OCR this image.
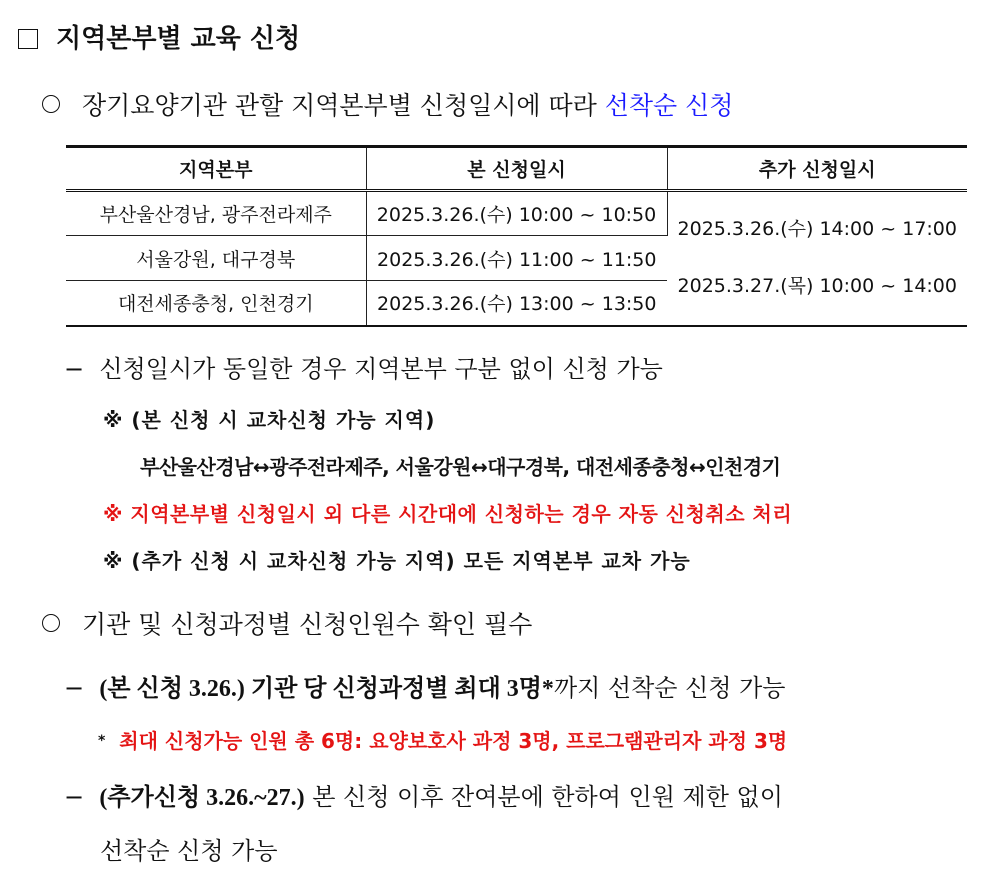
지역본부별 교육 신청
장기요양기관 관할 지역본부별 신청일시에 따라 선착순 신청
지역본부	본 신청일시	추가 신청일시
부산울산경남, 광주전라제주	2025.3.26.(수) 10:00 ~ 10:50	2025.3.26.(수) 14:00 ~ 17:00
2025.3.27.(목) 10:00 ~ 14:00

서울강원, 대구경북	2025.3.26.(수) 11:00 ~ 11:50	
대전세종충청, 인천경기	2025.3.26.(수) 13:00 ~ 13:50	
− 신청일시가 동일한 경우 지역본부 구분 없이 신청 가능
※ (본 신청 시 교차신청 가능 지역)
부산울산경남↔광주전라제주, 서울강원↔대구경북, 대전세종충청↔인천경기
※ 지역본부별 신청일시 외 다른 시간대에 신청하는 경우 자동 신청취소 처리
※ (추가 신청 시 교차신청 가능 지역) 모든 지역본부 교차 가능
기관 및 신청과정별 신청인원수 확인 필수
− (본 신청 3.26.) 기관 당 신청과정별 최대 3명*까지 선착순 신청 가능
* 최대 신청가능 인원 총 6명: 요양보호사 과정 3명, 프로그램관리자 과정 3명
− (추가신청 3.26.~27.) 본 신청 이후 잔여분에 한하여 인원 제한 없이
선착순 신청 가능
